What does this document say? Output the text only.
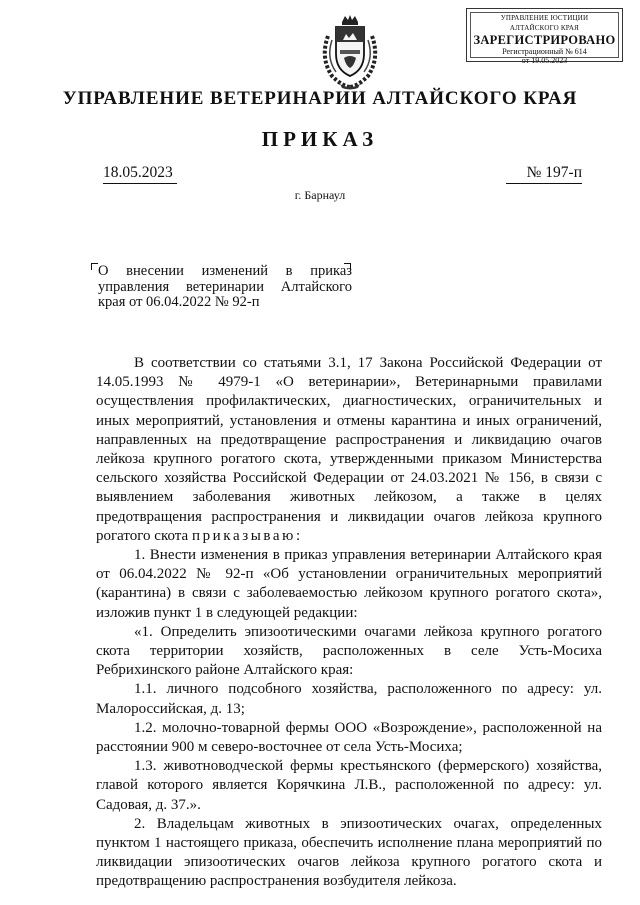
УПРАВЛЕНИЕ ЮСТИЦИИ
АЛТАЙСКОГО КРАЯ
ЗАРЕГИСТРИРОВАНО
Регистрационный № 614
от 19.05.2023
УПРАВЛЕНИЕ ВЕТЕРИНАРИИ АЛТАЙСКОГО КРАЯ
ПРИКАЗ
18.05.2023	№ 197-п
г. Барнаул
О внесении изменений в приказ
управления ветеринарии Алтайского
края от 06.04.2022 № 92-п

В соответствии со статьями 3.1, 17 Закона Российской Федерации от 14.05.1993 № 4979-1 «О ветеринарии», Ветеринарными правилами осуществления профилактических, диагностических, ограничительных и иных мероприятий, установления и отмены карантина и иных ограничений, направленных на предотвращение распространения и ликвидацию очагов лейкоза крупного рогатого скота, утвержденными приказом Министерства сельского хозяйства Российской Федерации от 24.03.2021 № 156, в связи с выявлением заболевания животных лейкозом, а также в целях предотвращения распространения и ликвидации очагов лейкоза крупного рогатого скота приказываю:

1. Внести изменения в приказ управления ветеринарии Алтайского края от 06.04.2022 № 92-п «Об установлении ограничительных мероприятий (карантина) в связи с заболеваемостью лейкозом крупного рогатого скота», изложив пункт 1 в следующей редакции:

«1. Определить эпизоотическими очагами лейкоза крупного рогатого скота территории хозяйств, расположенных в селе Усть-Мосиха Ребрихинского районе Алтайского края:

1.1. личного подсобного хозяйства, расположенного по адресу: ул. Малороссийская, д. 13;

1.2. молочно-товарной фермы ООО «Возрождение», расположенной на расстоянии 900 м северо-восточнее от села Усть-Мосиха;

1.3. животноводческой фермы крестьянского (фермерского) хозяйства, главой которого является Корячкина Л.В., расположенной по адресу: ул. Садовая, д. 37.».

2. Владельцам животных в эпизоотических очагах, определенных пунктом 1 настоящего приказа, обеспечить исполнение плана мероприятий по ликвидации эпизоотических очагов лейкоза крупного рогатого скота и предотвращению распространения возбудителя лейкоза.
